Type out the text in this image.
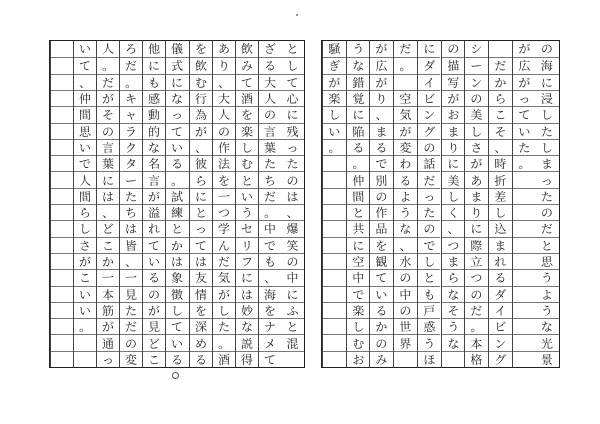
の
海
に
浸
し
た
し
ま
っ
た
の
だ
と
思
う
よ
う
な
光
景
が
広
が
っ
て
い
た
。
だ
か
ら
こ
そ
、
時
折
差
し
込
ま
れ
る
ダ
イ
ビ
ン
グ
シ
ー
ン
の
美
し
さ
が
あ
ま
り
に
際
立
つ
の
だ
。
本
格
の
描
写
が
お
ま
り
に
美
し
く
、
つ
ま
ら
な
そ
う
な
に
ダ
イ
ビ
ン
グ
の
話
だ
っ
た
の
で
し
と
も
戸
惑
う
ほ
だ
。
空
気
が
変
わ
る
よ
う
な
、
水
の
中
の
世
界
が
広
が
り
、
ま
る
で
別
の
作
品
を
観
て
い
る
か
の
み
う
な
錯
覚
に
陥
る
。
仲
間
と
共
に
空
中
で
楽
し
む
お
騒
ぎ
が
楽
し
い
。
と
し
て
心
に
残
っ
た
の
は
、
爆
笑
の
中
に
ふ
と
混
ざ
る
大
人
の
言
葉
た
ち
だ
。
中
で
も
、
海
を
ナ
メ
て
飲
み
て
酒
を
楽
し
む
と
い
う
セ
リ
フ
に
は
妙
な
説
得
あ
り
、
大
人
の
作
法
を
一
つ
学
ん
だ
気
が
し
た
。
酒
を
飲
む
行
為
が
、
彼
ら
に
と
っ
て
は
友
情
を
深
め
る
儀
式
に
な
っ
て
い
る
。
試
練
と
か
は
象
徴
し
て
い
る
他
に
も
感
動
的
な
名
言
が
溢
れ
て
い
る
の
が
見
ど
こ
ろ
だ
。
キ
ャ
ラ
ク
タ
ー
た
ち
は
皆
、
一
見
た
だ
の
変
人
。
だ
が
そ
の
言
葉
に
は
、
ど
こ
か
一
本
筋
が
通
っ
い
て
、
仲
間
思
い
で
人
間
ら
し
さ
が
こ
い
い
。
